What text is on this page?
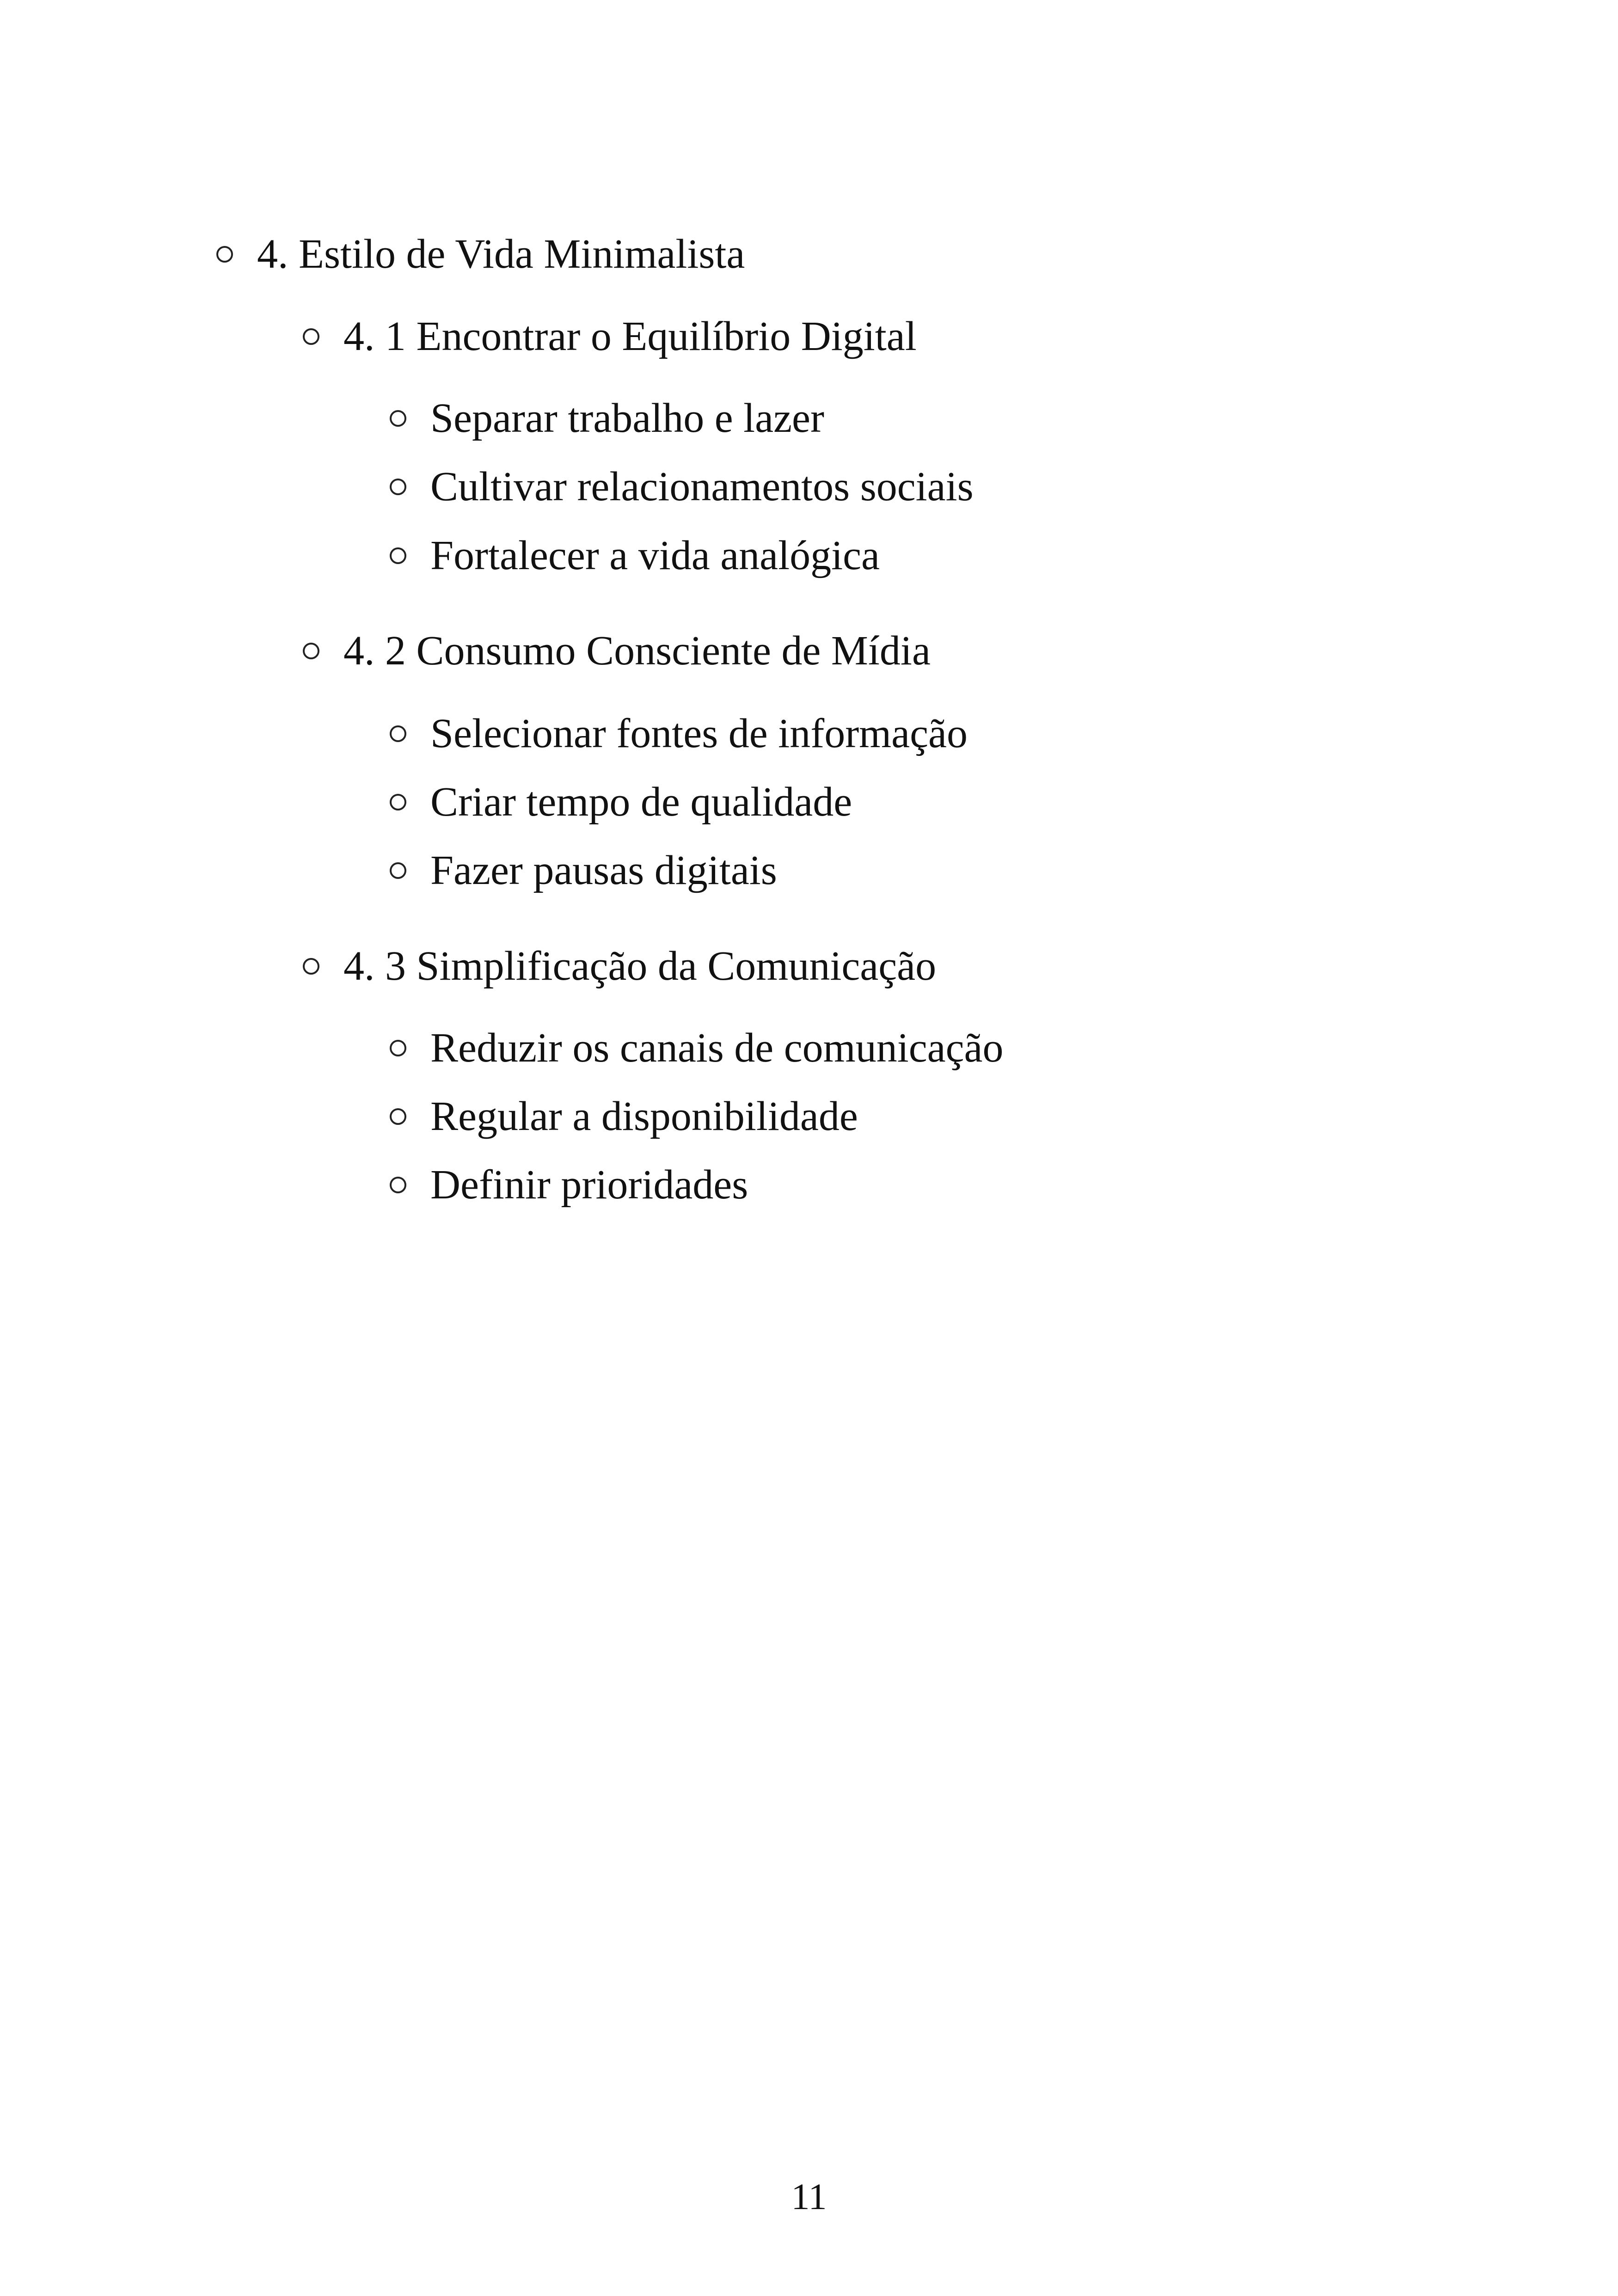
4. Estilo de Vida Minimalista
4. 1 Encontrar o Equilíbrio Digital
Separar trabalho e lazer
Cultivar relacionamentos sociais
Fortalecer a vida analógica
4. 2 Consumo Consciente de Mídia
Selecionar fontes de informação
Criar tempo de qualidade
Fazer pausas digitais
4. 3 Simplificação da Comunicação
Reduzir os canais de comunicação
Regular a disponibilidade
Definir prioridades
11
